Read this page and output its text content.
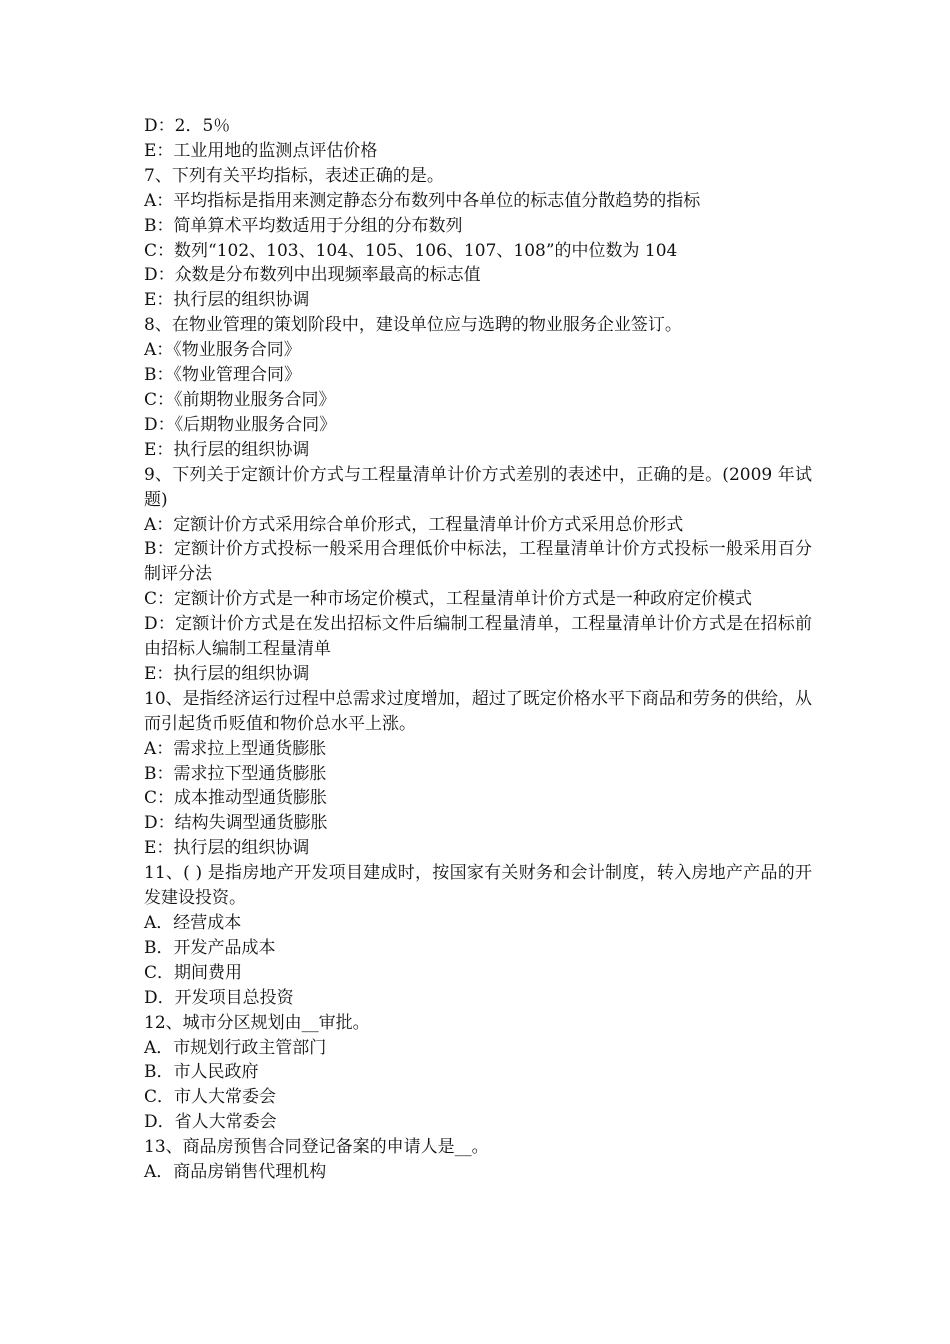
D：2．5％

E：工业用地的监测点评估价格

7、下列有关平均指标，表述正确的是。

A：平均指标是指用来测定静态分布数列中各单位的标志值分散趋势的指标

B：简单算术平均数适用于分组的分布数列

C：数列“102、103、104、105、106、107、108”的中位数为 104

D：众数是分布数列中出现频率最高的标志值

E：执行层的组织协调

8、在物业管理的策划阶段中，建设单位应与选聘的物业服务企业签订。

A：《物业服务合同》

B：《物业管理合同》

C：《前期物业服务合同》

D：《后期物业服务合同》

E：执行层的组织协调

9、下列关于定额计价方式与工程量清单计价方式差别的表述中，正确的是。(2009 年试题)

A：定额计价方式采用综合单价形式，工程量清单计价方式采用总价形式

B：定额计价方式投标一般采用合理低价中标法，工程量清单计价方式投标一般采用百分制评分法

C：定额计价方式是一种市场定价模式，工程量清单计价方式是一种政府定价模式

D：定额计价方式是在发出招标文件后编制工程量清单，工程量清单计价方式是在招标前由招标人编制工程量清单

E：执行层的组织协调

10、是指经济运行过程中总需求过度增加，超过了既定价格水平下商品和劳务的供给，从而引起货币贬值和物价总水平上涨。

A：需求拉上型通货膨胀

B：需求拉下型通货膨胀

C：成本推动型通货膨胀

D：结构失调型通货膨胀

E：执行层的组织协调

11、( ) 是指房地产开发项目建成时，按国家有关财务和会计制度，转入房地产产品的开发建设投资。

A．经营成本

B．开发产品成本

C．期间费用

D．开发项目总投资

12、城市分区规划由__审批。

A．市规划行政主管部门

B．市人民政府

C．市人大常委会

D．省人大常委会

13、商品房预售合同登记备案的申请人是__。

A．商品房销售代理机构
